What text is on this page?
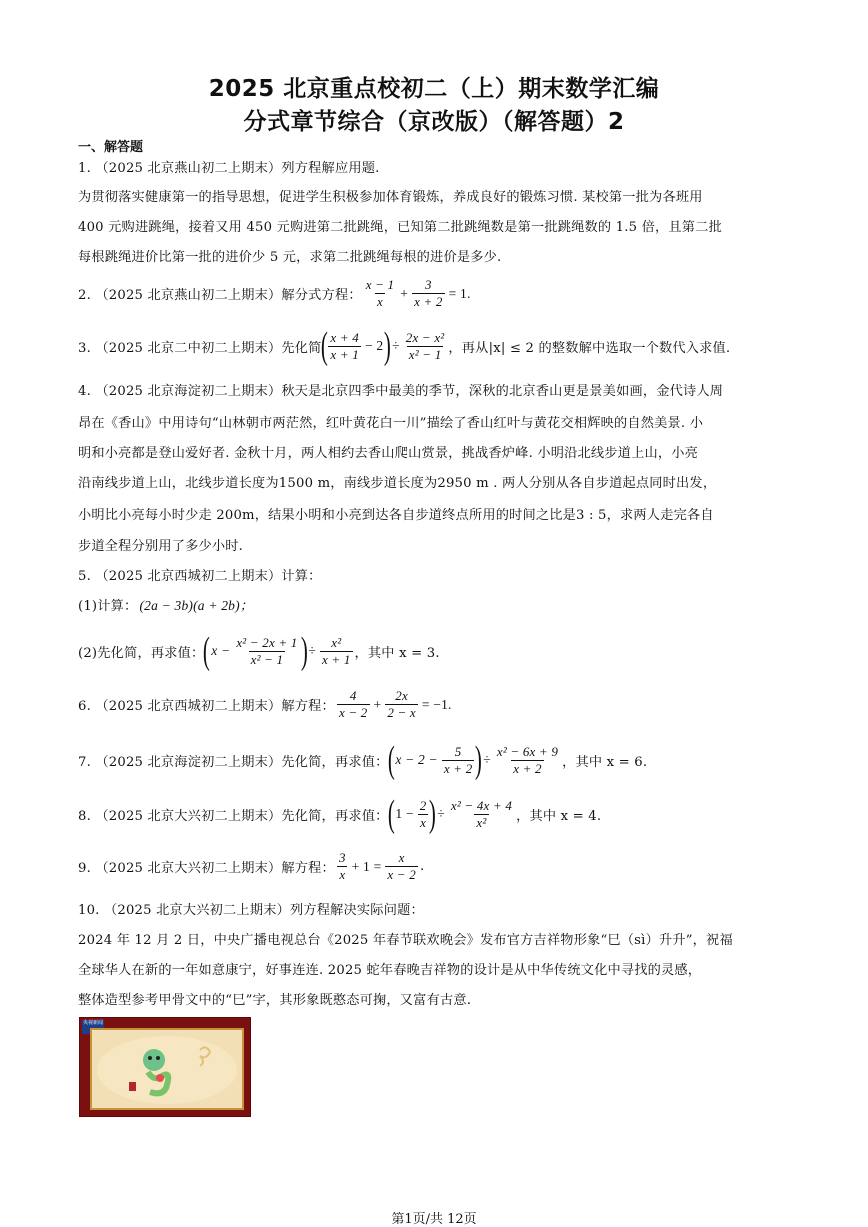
2025 北京重点校初二（上）期末数学汇编
分式章节综合（京改版）（解答题）2
一、解答题
1. （2025 北京燕山初二上期末）列方程解应用题.
为贯彻落实健康第一的指导思想，促进学生积极参加体育锻炼，养成良好的锻炼习惯. 某校第一批为各班用
400 元购进跳绳，接着又用 450 元购进第二批跳绳，已知第二批跳绳数是第一批跳绳数的 1.5 倍，且第二批
每根跳绳进价比第一批的进价少 5 元，求第二批跳绳每根的进价是多少.
2. （2025 北京燕山初二上期末）解分式方程： $\frac{x - 1}{x} + \frac{3}{x + 2} = 1$.
3. （2025 北京二中初二上期末）先化简
( $\frac{x + 4}{x + 1} - 2$ ) ÷ $\frac{\text{2x − x²}}{\text{x² − 1}}$ ，再从|x| ≤ 2 的整数解中选取一个数代入求值.
4. （2025 北京海淀初二上期末）秋天是北京四季中最美的季节，深秋的北京香山更是景美如画，金代诗人周
昂在《香山》中用诗句“山林朝市两茫然，红叶黄花白一川”描绘了香山红叶与黄花交相辉映的自然美景. 小
明和小亮都是登山爱好者. 金秋十月，两人相约去香山爬山赏景，挑战香炉峰. 小明沿北线步道上山，小亮
沿南线步道上山，北线步道长度为1500 m，南线步道长度为2950 m . 两人分别从各自步道起点同时出发，
小明比小亮每小时少走 200m，结果小明和小亮到达各自步道终点所用的时间之比是3 : 5，求两人走完各自
步道全程分别用了多少小时.
5. （2025 北京西城初二上期末）计算：
(1)计算： (2a − 3b)(a + 2b)；
(2)先化简，再求值：
( $x - \frac{\text{x² − 2x + 1}}{\text{x² − 1}}$ ) ÷ $\frac{\text{x²}}{x + 1}$ ，其中 x = 3.
6. （2025 北京西城初二上期末）解方程： $\frac{4}{x - 2} + \frac{2x}{2 - x} = -1$.
7. （2025 北京海淀初二上期末）先化简，再求值：
( $x - 2 - \frac{5}{x + 2}$ ) ÷ $\frac{\text{x² − 6x + 9}}{x + 2}$ ，其中 x = 6.
8. （2025 北京大兴初二上期末）先化简，再求值：
( $1 - \frac{2}{x}$ ) ÷ $\frac{\text{x² − 4x + 4}}{\text{x²}}$ ，其中 x = 4.
9. （2025 北京大兴初二上期末）解方程： $\frac{3}{x} + 1 = \frac{x}{x - 2}$ .
10. （2025 北京大兴初二上期末）列方程解决实际问题：
2024 年 12 月 2 日，中央广播电视总台《2025 年春节联欢晚会》发布官方吉祥物形象“巳（sì）升升”，祝福
全球华人在新的一年如意康宁，好事连连. 2025 蛇年春晚吉祥物的设计是从中华传统文化中寻找的灵感，
整体造型参考甲骨文中的“巳”字，其形象既憨态可掬，又富有古意.
央视新闻
第1页/共 12页
